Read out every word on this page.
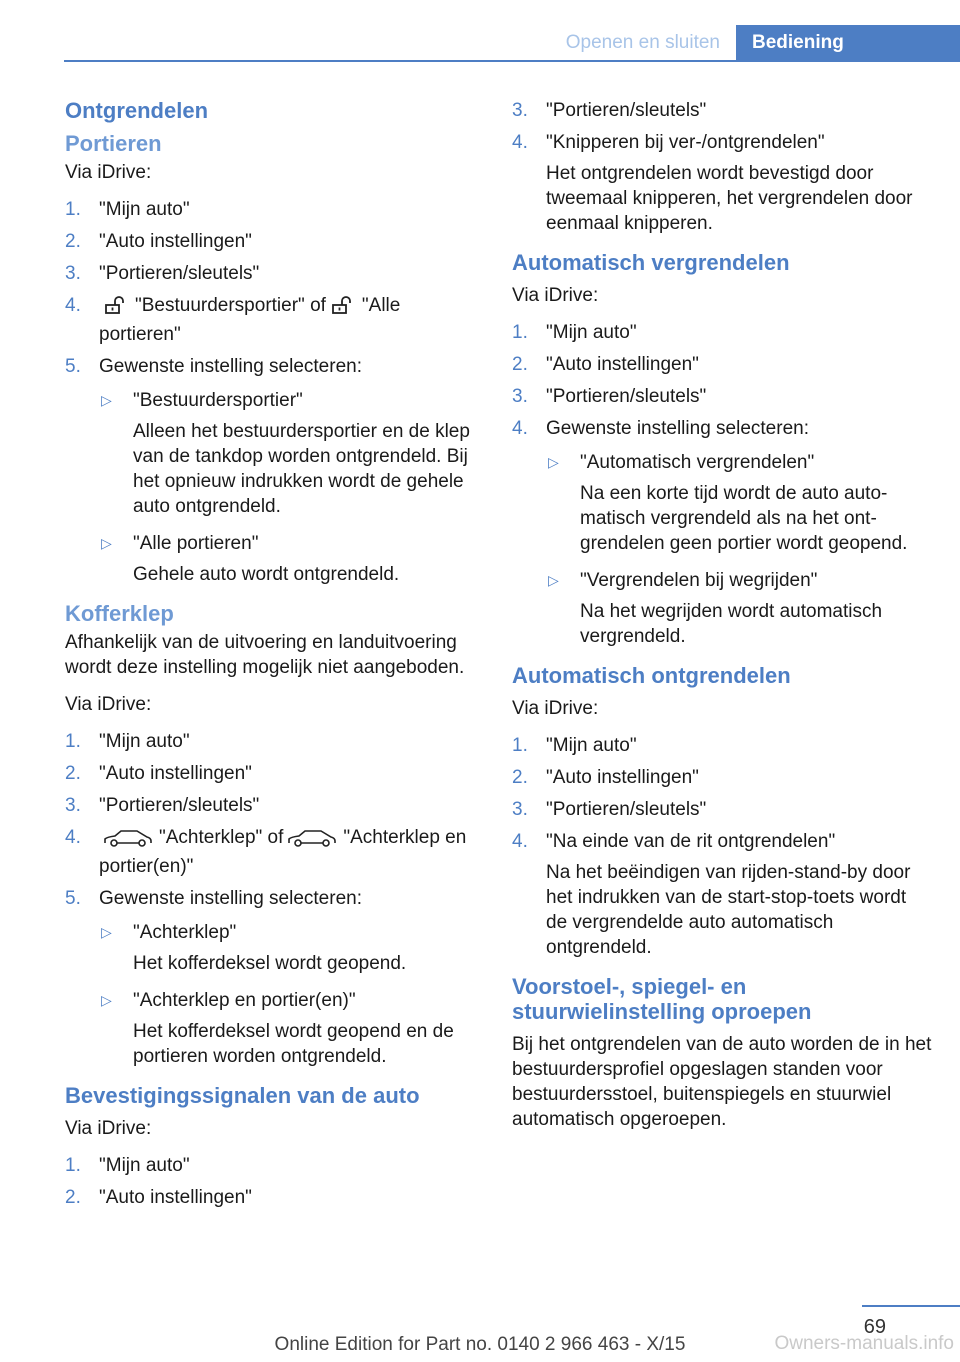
Openen en sluiten	Bediening
Ontgrendelen
Portieren

Via iDrive:

1. "Mijn auto"
2. "Auto instellingen"
3. "Portieren/sleutels"
4.	"Bestuurdersportier" of "Alle portieren"
5. Gewenste instelling selecteren:
▷ "Bestuurdersportier"
Alleen het bestuurdersportier en de klep van de tankdop worden ontgrendeld. Bij het opnieuw indrukken wordt de gehele auto ontgrendeld.
▷ "Alle portieren"
Gehele auto wordt ontgrendeld.
Kofferklep

Afhankelijk van de uitvoering en landuitvoering wordt deze instelling mogelijk niet aangeboden.

Via iDrive:

1. "Mijn auto"
2. "Auto instellingen"
3. "Portieren/sleutels"
4.	"Achterklep" of	"Achterklep en portier(en)"
5. Gewenste instelling selecteren:
▷ "Achterklep"
Het kofferdeksel wordt geopend.
▷ "Achterklep en portier(en)"
Het kofferdeksel wordt geopend en de portieren worden ontgrendeld.
Bevestigingssignalen van de auto

Via iDrive:

1. "Mijn auto"
2. "Auto instellingen"
3. "Portieren/sleutels"
4. "Knipperen bij ver-/ontgrendelen"
Het ontgrendelen wordt bevestigd door tweemaal knipperen, het vergrendelen door eenmaal knipperen.
Automatisch vergrendelen

Via iDrive:

1. "Mijn auto"
2. "Auto instellingen"
3. "Portieren/sleutels"
4. Gewenste instelling selecteren:
▷ "Automatisch vergrendelen"
Na een korte tijd wordt de auto automatisch vergrendeld als na het ontgrendelen geen portier wordt geopend.
▷ "Vergrendelen bij wegrijden"
Na het wegrijden wordt automatisch vergrendeld.
Automatisch ontgrendelen

Via iDrive:

1. "Mijn auto"
2. "Auto instellingen"
3. "Portieren/sleutels"
4. "Na einde van de rit ontgrendelen"
Na het beëindigen van rijden-stand-by door het indrukken van de start-stop-toets wordt de vergrendelde auto automatisch ontgrendeld.
Voorstoel-, spiegel- en stuurwielinstelling oproepen

Bij het ontgrendelen van de auto worden de in het bestuurdersprofiel opgeslagen standen voor bestuurdersstoel, buitenspiegels en stuurwiel automatisch opgeroepen.

69
Online Edition for Part no. 0140 2 966 463 - X/15	Owners-manuals.info
